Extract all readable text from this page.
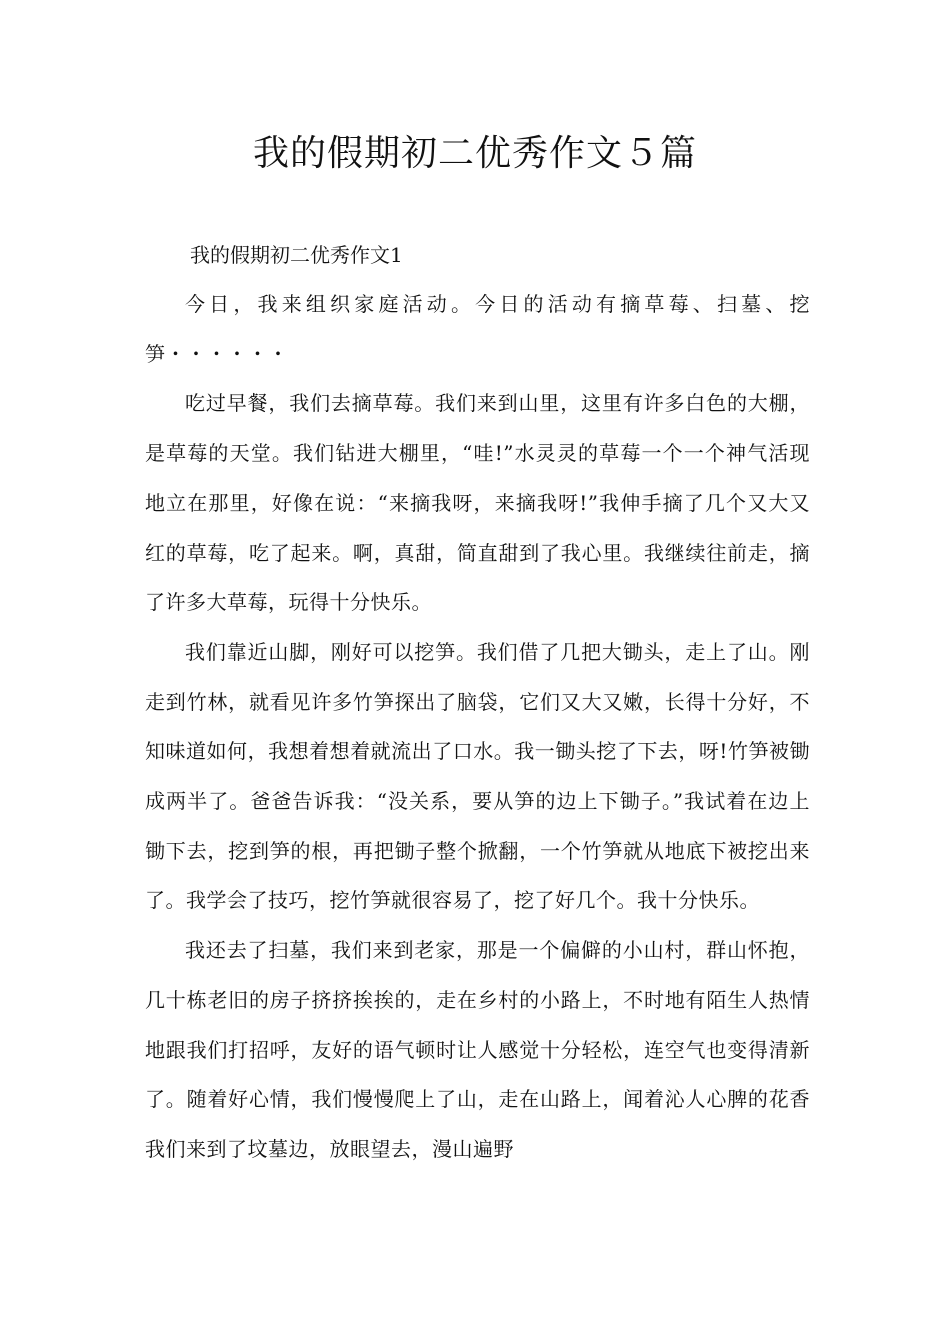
我的假期初二优秀作文５篇
我的假期初二优秀作文1

今日，我来组织家庭活动。今日的活动有摘草莓、扫墓、挖笋・・・・・・

吃过早餐，我们去摘草莓。我们来到山里，这里有许多白色的大棚，是草莓的天堂。我们钻进大棚里，“哇!”水灵灵的草莓一个一个神气活现地立在那里，好像在说：“来摘我呀，来摘我呀!”我伸手摘了几个又大又红的草莓，吃了起来。啊，真甜，简直甜到了我心里。我继续往前走，摘了许多大草莓，玩得十分快乐。

我们靠近山脚，刚好可以挖笋。我们借了几把大锄头，走上了山。刚走到竹林，就看见许多竹笋探出了脑袋，它们又大又嫩，长得十分好，不知味道如何，我想着想着就流出了口水。我一锄头挖了下去，呀!竹笋被锄成两半了。爸爸告诉我：“没关系，要从笋的边上下锄子。”我试着在边上锄下去，挖到笋的根，再把锄子整个掀翻，一个竹笋就从地底下被挖出来了。我学会了技巧，挖竹笋就很容易了，挖了好几个。我十分快乐。

我还去了扫墓，我们来到老家，那是一个偏僻的小山村，群山怀抱，几十栋老旧的房子挤挤挨挨的，走在乡村的小路上，不时地有陌生人热情地跟我们打招呼，友好的语气顿时让人感觉十分轻松，连空气也变得清新了。随着好心情，我们慢慢爬上了山，走在山路上，闻着沁人心脾的花香我们来到了坟墓边，放眼望去，漫山遍野
